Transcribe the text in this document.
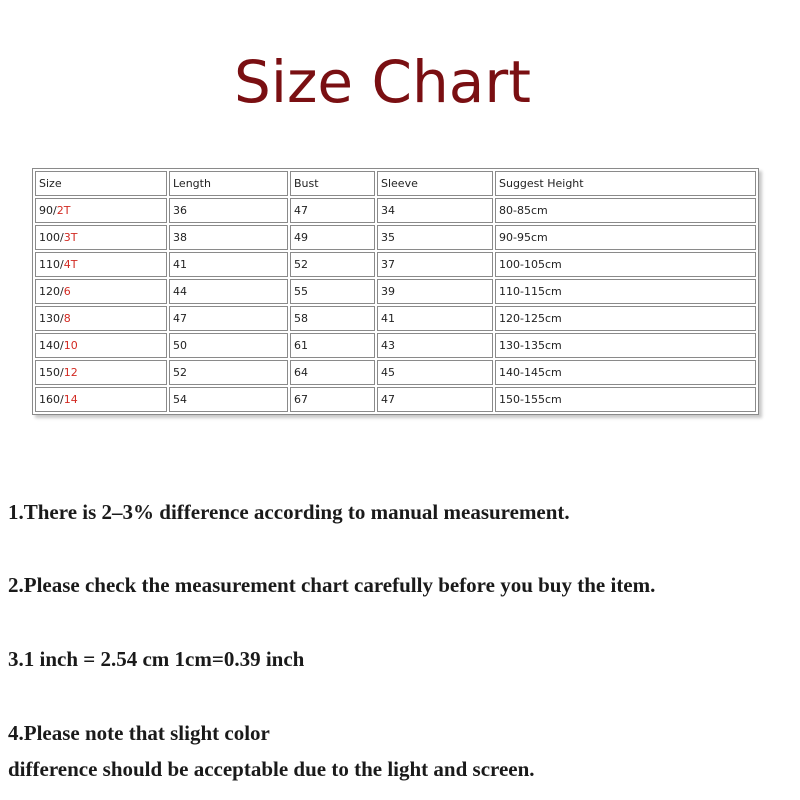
Size Chart
Size	Length	Bust	Sleeve	Suggest Height
90/2T	36	47	34	80-85cm
100/3T	38	49	35	90-95cm
110/4T	41	52	37	100-105cm
120/6	44	55	39	110-115cm
130/8	47	58	41	120-125cm
140/10	50	61	43	130-135cm
150/12	52	64	45	140-145cm
160/14	54	67	47	150-155cm
1.There is 2–3% difference according to manual measurement.
2.Please check the measurement chart carefully before you buy the item.
3.1 inch = 2.54 cm 1cm=0.39 inch
4.Please note that slight color
difference should be acceptable due to the light and screen.
